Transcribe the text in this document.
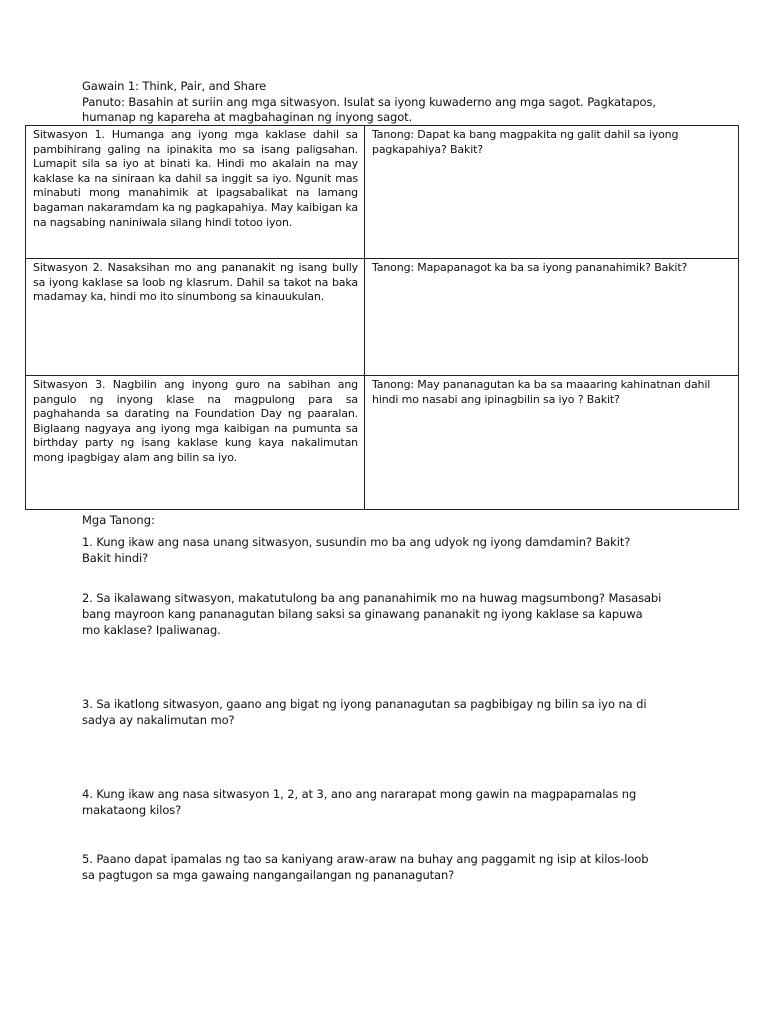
Gawain 1: Think, Pair, and Share
Panuto: Basahin at suriin ang mga sitwasyon. Isulat sa iyong kuwaderno ang mga sagot. Pagkatapos, humanap ng kapareha at magbahaginan ng inyong sagot.
Sitwasyon 1. Humanga ang iyong mga kaklase dahil sa pambihirang galing na ipinakita mo sa isang paligsahan. Lumapit sila sa iyo at binati ka. Hindi mo akalain na may kaklase ka na siniraan ka dahil sa inggit sa iyo. Ngunit mas minabuti mong manahimik at ipagsabalikat na lamang bagaman nakaramdam ka ng pagkapahiya. May kaibigan ka na nagsabing naniniwala silang hindi totoo iyon.	Tanong: Dapat ka bang magpakita ng galit dahil sa iyong pagkapahiya? Bakit?
Sitwasyon 2. Nasaksihan mo ang pananakit ng isang bully sa iyong kaklase sa loob ng klasrum. Dahil sa takot na baka madamay ka, hindi mo ito sinumbong sa kinauukulan.	Tanong: Mapapanagot ka ba sa iyong pananahimik? Bakit?
Sitwasyon 3. Nagbilin ang inyong guro na sabihan ang pangulo ng inyong klase na magpulong para sa paghahanda sa darating na Foundation Day ng paaralan. Biglaang nagyaya ang iyong mga kaibigan na pumunta sa birthday party ng isang kaklase kung kaya nakalimutan mong ipagbigay alam ang bilin sa iyo.	Tanong: May pananagutan ka ba sa maaaring kahinatnan dahil hindi mo nasabi ang ipinagbilin sa iyo ? Bakit?
Mga Tanong:
1. Kung ikaw ang nasa unang sitwasyon, susundin mo ba ang udyok ng iyong damdamin? Bakit? Bakit hindi?
2. Sa ikalawang sitwasyon, makatutulong ba ang pananahimik mo na huwag magsumbong? Masasabi bang mayroon kang pananagutan bilang saksi sa ginawang pananakit ng iyong kaklase sa kapuwa mo kaklase? Ipaliwanag.
3. Sa ikatlong sitwasyon, gaano ang bigat ng iyong pananagutan sa pagbibigay ng bilin sa iyo na di sadya ay nakalimutan mo?
4. Kung ikaw ang nasa sitwasyon 1, 2, at 3, ano ang nararapat mong gawin na magpapamalas ng makataong kilos?
5. Paano dapat ipamalas ng tao sa kaniyang araw-araw na buhay ang paggamit ng isip at kilos-loob sa pagtugon sa mga gawaing nangangailangan ng pananagutan?
